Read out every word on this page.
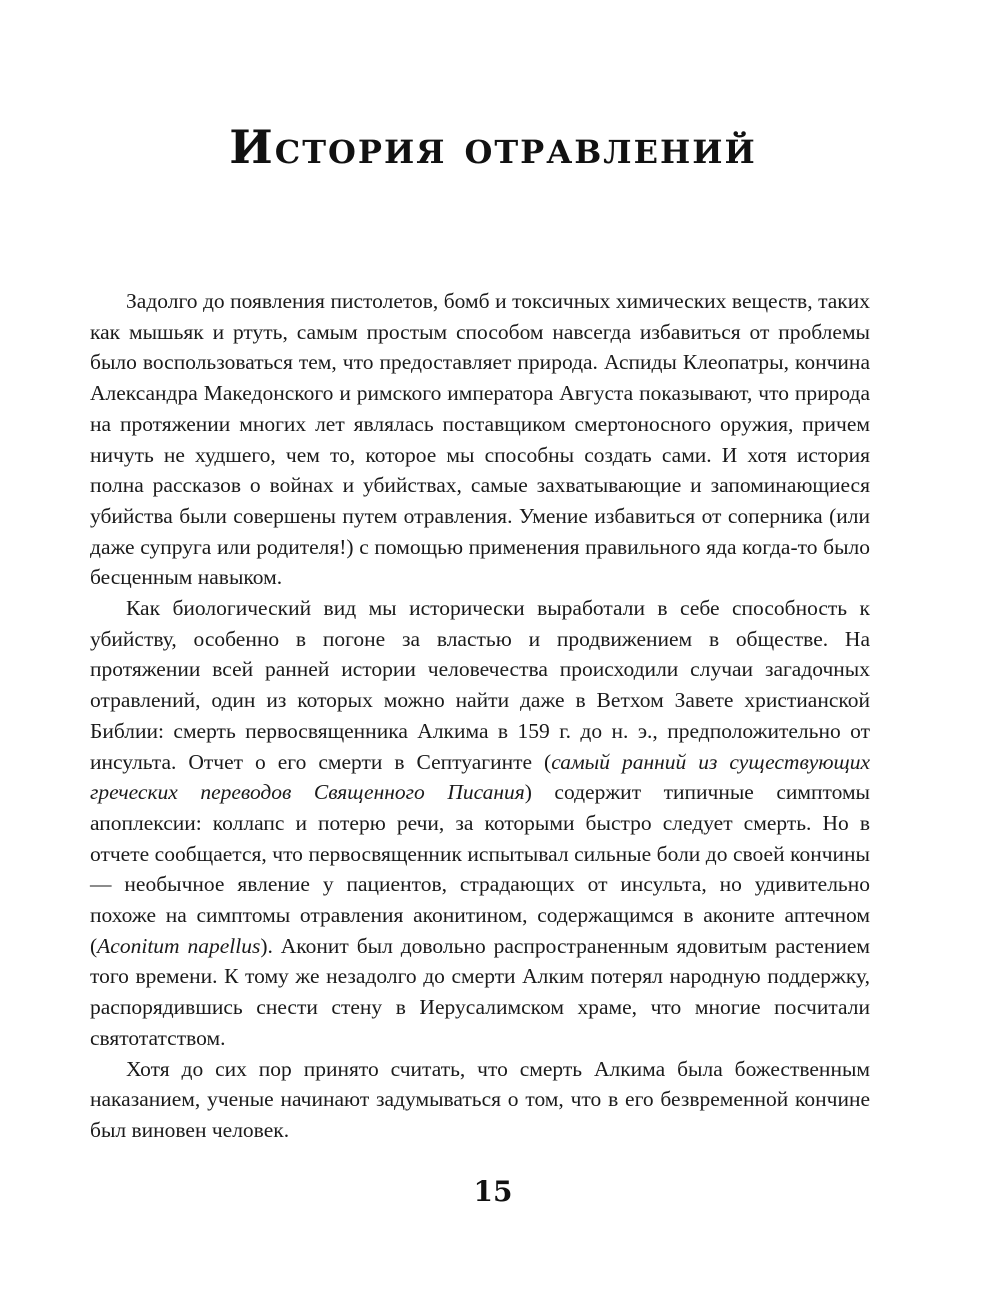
История отравлений

Задолго до появления пистолетов, бомб и токсичных химических веществ, таких как мышьяк и ртуть, самым простым способом навсегда избавиться от проблемы было воспользоваться тем, что предоставляет природа. Аспиды Клеопатры, кончина Александра Македонского и римского императора Августа показывают, что природа на протяжении многих лет являлась поставщиком смертоносного оружия, причем ничуть не худшего, чем то, которое мы способны создать сами. И хотя история полна рассказов о войнах и убийствах, самые захватывающие и запоминающиеся убийства были совершены путем отравления. Умение избавиться от соперника (или даже супруга или родителя!) с помощью применения правильного яда когда-то было бесценным навыком.

Как биологический вид мы исторически выработали в себе способность к убийству, особенно в погоне за властью и продвижением в обществе. На протяжении всей ранней истории человечества происходили случаи загадочных отравлений, один из которых можно найти даже в Ветхом Завете христианской Библии: смерть первосвященника Алкима в 159 г. до н. э., предположительно от инсульта. Отчет о его смерти в Септуагинте (самый ранний из существующих греческих переводов Священного Писания) содержит типичные симптомы апоплексии: коллапс и потерю речи, за которыми быстро следует смерть. Но в отчете сообщается, что первосвященник испытывал сильные боли до своей кончины — необычное явление у пациентов, страдающих от инсульта, но удивительно похоже на симптомы отравления аконитином, содержащимся в аконите аптечном (Aconitum napellus). Аконит был довольно распространенным ядовитым растением того времени. К тому же незадолго до смерти Алким потерял народную поддержку, распорядившись снести стену в Иерусалимском храме, что многие посчитали святотатством.

Хотя до сих пор принято считать, что смерть Алкима была божественным наказанием, ученые начинают задумываться о том, что в его безвременной кончине был виновен человек.

15
